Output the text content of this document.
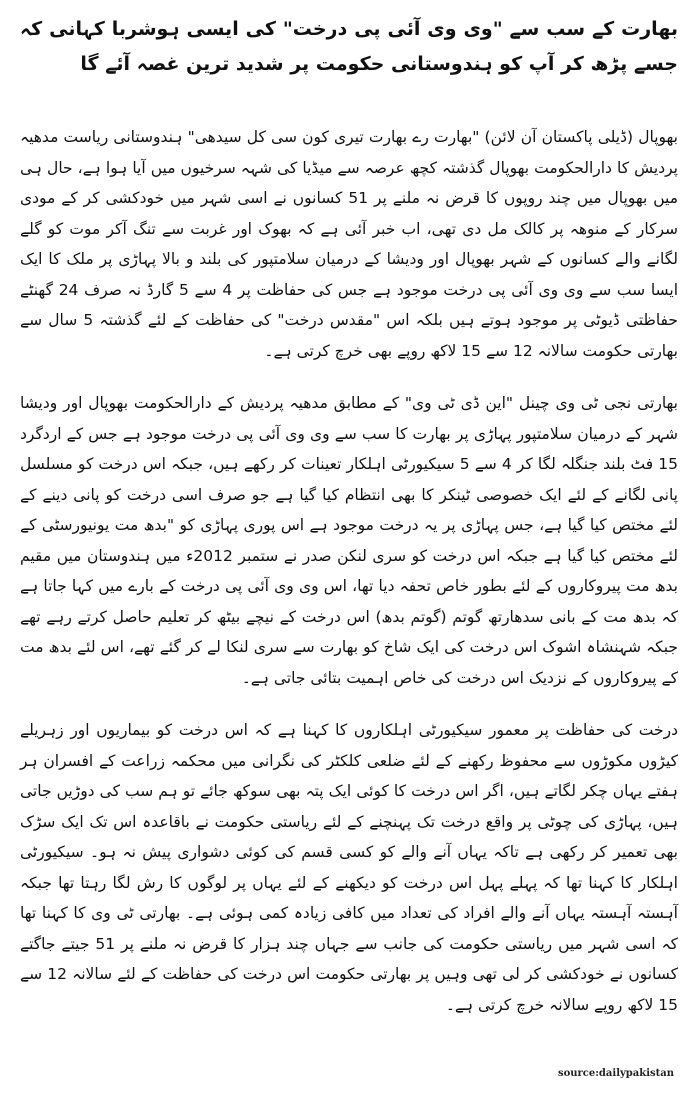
بھارت کے سب سے "وی وی آئی پی درخت" کی ایسی ہوشربا کہانی کہ جسے پڑھ کر آپ کو ہندوستانی حکومت پر شدید ترین غصہ آئے گا

بھوپال (ڈیلی پاکستان آن لائن) "بھارت رے بھارت تیری کون سی کل سیدھی" ہندوستانی ریاست مدھیہ پردیش کا دارالحکومت بھوپال گذشتہ کچھ عرصہ سے میڈیا کی شہہ سرخیوں میں آیا ہوا ہے، حال ہی میں بھوپال میں چند روپوں کا قرض نہ ملنے پر 51 کسانوں نے اسی شہر میں خودکشی کر کے مودی سرکار کے منوھہ پر کالک مل دی تھی، اب خبر آئی ہے کہ بھوک اور غربت سے تنگ آکر موت کو گلے لگانے والے کسانوں کے شہر بھوپال اور ودیشا کے درمیان سلامتپور کی بلند و بالا پہاڑی پر ملک کا ایک ایسا سب سے وی وی آئی پی درخت موجود ہے جس کی حفاظت پر 4 سے 5 گارڈ نہ صرف 24 گھنٹے حفاظتی ڈیوٹی پر موجود ہوتے ہیں بلکہ اس "مقدس درخت" کی حفاظت کے لئے گذشتہ 5 سال سے بھارتی حکومت سالانہ 12 سے 15 لاکھ روپے بھی خرچ کرتی ہے۔

بھارتی نجی ٹی وی چینل "این ڈی ٹی وی" کے مطابق مدھیہ پردیش کے دارالحکومت بھوپال اور ودیشا شہر کے درمیان سلامتپور پہاڑی پر بھارت کا سب سے وی وی آئی پی درخت موجود ہے جس کے اردگرد 15 فٹ بلند جنگلہ لگا کر 4 سے 5 سیکیورٹی اہلکار تعینات کر رکھے ہیں، جبکہ اس درخت کو مسلسل پانی لگانے کے لئے ایک خصوصی ٹینکر کا بھی انتظام کیا گیا ہے جو صرف اسی درخت کو پانی دینے کے لئے مختص کیا گیا ہے، جس پہاڑی پر یہ درخت موجود ہے اس پوری پہاڑی کو "بدھ مت یونیورسٹی کے لئے مختص کیا گیا ہے جبکہ اس درخت کو سری لنکن صدر نے ستمبر 2012ء میں ہندوستان میں مقیم بدھ مت پیروکاروں کے لئے بطور خاص تحفہ دیا تھا، اس وی وی آئی پی درخت کے بارے میں کہا جاتا ہے کہ بدھ مت کے بانی سدھارتھ گوتم (گوتم بدھ) اس درخت کے نیچے بیٹھ کر تعلیم حاصل کرتے رہے تھے جبکہ شہنشاہ اشوک اس درخت کی ایک شاخ کو بھارت سے سری لنکا لے کر گئے تھے، اس لئے بدھ مت کے پیروکاروں کے نزدیک اس درخت کی خاص اہمیت بتائی جاتی ہے۔

درخت کی حفاظت پر معمور سیکیورٹی اہلکاروں کا کہنا ہے کہ اس درخت کو بیماریوں اور زہریلے کیڑوں مکوڑوں سے محفوظ رکھنے کے لئے ضلعی کلکٹر کی نگرانی میں محکمہ زراعت کے افسران ہر ہفتے یہاں چکر لگاتے ہیں، اگر اس درخت کا کوئی ایک پتہ بھی سوکھ جائے تو ہم سب کی دوڑیں جاتی ہیں، پہاڑی کی چوٹی پر واقع درخت تک پہنچنے کے لئے ریاستی حکومت نے باقاعدہ اس تک ایک سڑک بھی تعمیر کر رکھی ہے تاکہ یہاں آنے والے کو کسی قسم کی کوئی دشواری پیش نہ ہو۔ سیکیورٹی اہلکار کا کہنا تھا کہ پہلے پہل اس درخت کو دیکھنے کے لئے یہاں پر لوگوں کا رش لگا رہتا تھا جبکہ آہستہ آہستہ یہاں آنے والے افراد کی تعداد میں کافی زیادہ کمی ہوئی ہے۔ بھارتی ٹی وی کا کہنا تھا کہ اسی شہر میں ریاستی حکومت کی جانب سے جہاں چند ہزار کا قرض نہ ملنے پر 51 جیتے جاگتے کسانوں نے خودکشی کر لی تھی وہیں پر بھارتی حکومت اس درخت کی حفاظت کے لئے سالانہ 12 سے 15 لاکھ روپے سالانہ خرچ کرتی ہے۔

source:dailypakistan
